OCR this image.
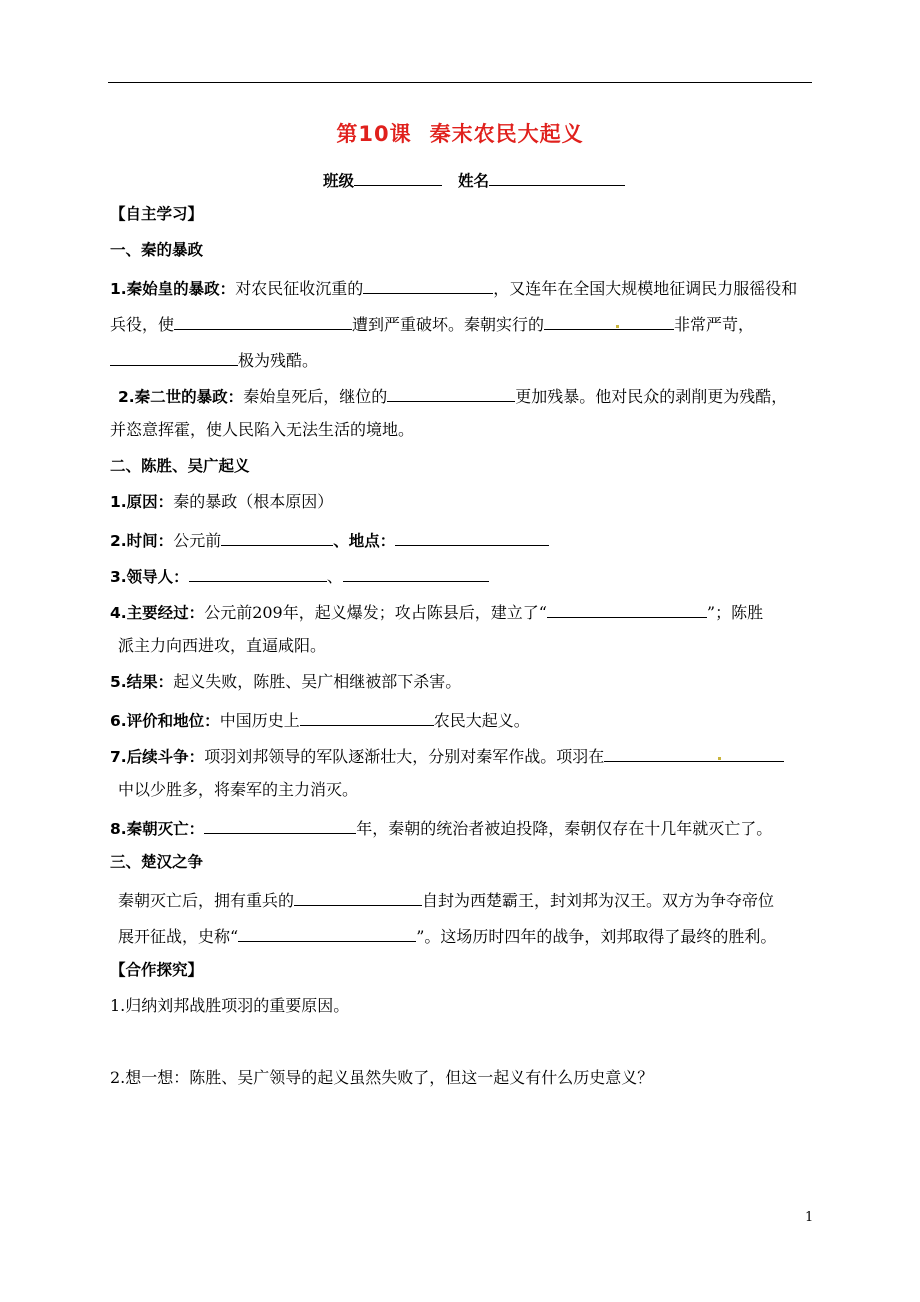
第10课 秦末农民大起义
班级	姓名
【自主学习】
一、秦的暴政
1.秦始皇的暴政：对农民征收沉重的	，又连年在全国大规模地征调民力服徭役和
兵役，使	遭到严重破坏。秦朝实行的	非常严苛，
极为残酷。
2.秦二世的暴政：秦始皇死后，继位的	更加残暴。他对民众的剥削更为残酷，
并恣意挥霍，使人民陷入无法生活的境地。
二、陈胜、吴广起义
1.原因：秦的暴政（根本原因）
2.时间：公元前	、地点：
3.领导人：	、
4.主要经过：公元前209年，起义爆发；攻占陈县后，建立了“	”；陈胜
派主力向西进攻，直逼咸阳。
5.结果：起义失败，陈胜、吴广相继被部下杀害。
6.评价和地位：中国历史上	农民大起义。
7.后续斗争：项羽刘邦领导的军队逐渐壮大，分别对秦军作战。项羽在
中以少胜多，将秦军的主力消灭。
8.秦朝灭亡：	年，秦朝的统治者被迫投降，秦朝仅存在十几年就灭亡了。
三、楚汉之争
秦朝灭亡后，拥有重兵的	自封为西楚霸王，封刘邦为汉王。双方为争夺帝位
展开征战，史称“	”。这场历时四年的战争，刘邦取得了最终的胜利。
【合作探究】
1.归纳刘邦战胜项羽的重要原因。
2.想一想：陈胜、吴广领导的起义虽然失败了，但这一起义有什么历史意义？
1
